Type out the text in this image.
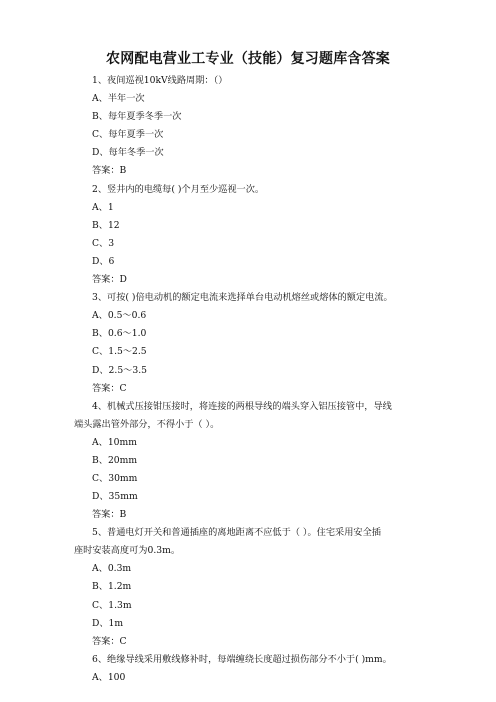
农网配电营业工专业（技能）复习题库含答案
1、夜间巡视10kV线路周期：（）
A、半年一次
B、每年夏季冬季一次
C、每年夏季一次
D、每年冬季一次
答案：B
2、竖井内的电缆每( )个月至少巡视一次。
A、1
B、12
C、3
D、6
答案：D
3、可按( )倍电动机的额定电流来选择单台电动机熔丝或熔体的额定电流。
A、0.5～0.6
B、0.6～1.0
C、1.5～2.5
D、2.5～3.5
答案：C
4、机械式压接钳压接时，将连接的两根导线的端头穿入铝压接管中，导线
端头露出管外部分，不得小于（ ）。
A、10mm
B、20mm
C、30mm
D、35mm
答案：B
5、普通电灯开关和普通插座的离地距离不应低于（ ）。住宅采用安全插
座时安装高度可为0.3m。
A、0.3m
B、1.2m
C、1.3m
D、1m
答案：C
6、绝缘导线采用敷线修补时，每端缠绕长度超过损伤部分不小于( )mm。
A、100
